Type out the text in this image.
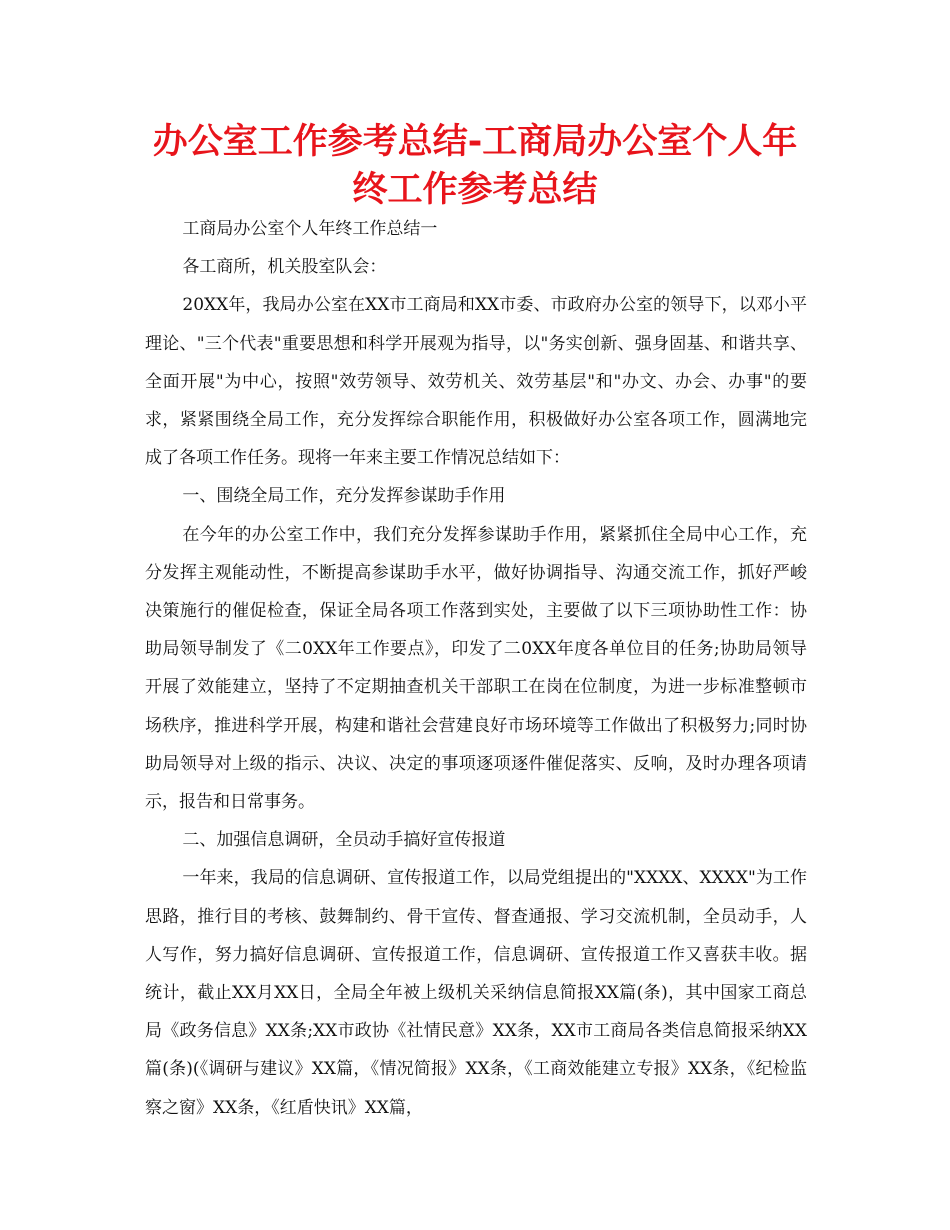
办公室工作参考总结-工商局办公室个人年终工作参考总结

工商局办公室个人年终工作总结一

各工商所，机关股室队会：

20XX年，我局办公室在XX市工商局和XX市委、市政府办公室的领导下，以邓小平理论、"三个代表"重要思想和科学开展观为指导，以"务实创新、强身固基、和谐共享、全面开展"为中心，按照"效劳领导、效劳机关、效劳基层"和"办文、办会、办事"的要求，紧紧围绕全局工作，充分发挥综合职能作用，积极做好办公室各项工作，圆满地完成了各项工作任务。现将一年来主要工作情况总结如下：

一、围绕全局工作，充分发挥参谋助手作用

在今年的办公室工作中，我们充分发挥参谋助手作用，紧紧抓住全局中心工作，充分发挥主观能动性，不断提高参谋助手水平，做好协调指导、沟通交流工作，抓好严峻决策施行的催促检查，保证全局各项工作落到实处，主要做了以下三项协助性工作：协助局领导制发了《二0XX年工作要点》，印发了二0XX年度各单位目的任务;协助局领导开展了效能建立，坚持了不定期抽查机关干部职工在岗在位制度，为进一步标准整顿市场秩序，推进科学开展，构建和谐社会营建良好市场环境等工作做出了积极努力;同时协助局领导对上级的指示、决议、决定的事项逐项逐件催促落实、反响，及时办理各项请示，报告和日常事务。

二、加强信息调研，全员动手搞好宣传报道

一年来，我局的信息调研、宣传报道工作，以局党组提出的"XXXX、XXXX"为工作思路，推行目的考核、鼓舞制约、骨干宣传、督查通报、学习交流机制，全员动手，人人写作，努力搞好信息调研、宣传报道工作，信息调研、宣传报道工作又喜获丰收。据统计，截止XX月XX日，全局全年被上级机关采纳信息简报XX篇(条)，其中国家工商总局《政务信息》XX条;XX市政协《社情民意》XX条，XX市工商局各类信息简报采纳XX篇(条)(《调研与建议》XX篇，《情况简报》XX条，《工商效能建立专报》XX条，《纪检监察之窗》XX条，《红盾快讯》XX篇，
